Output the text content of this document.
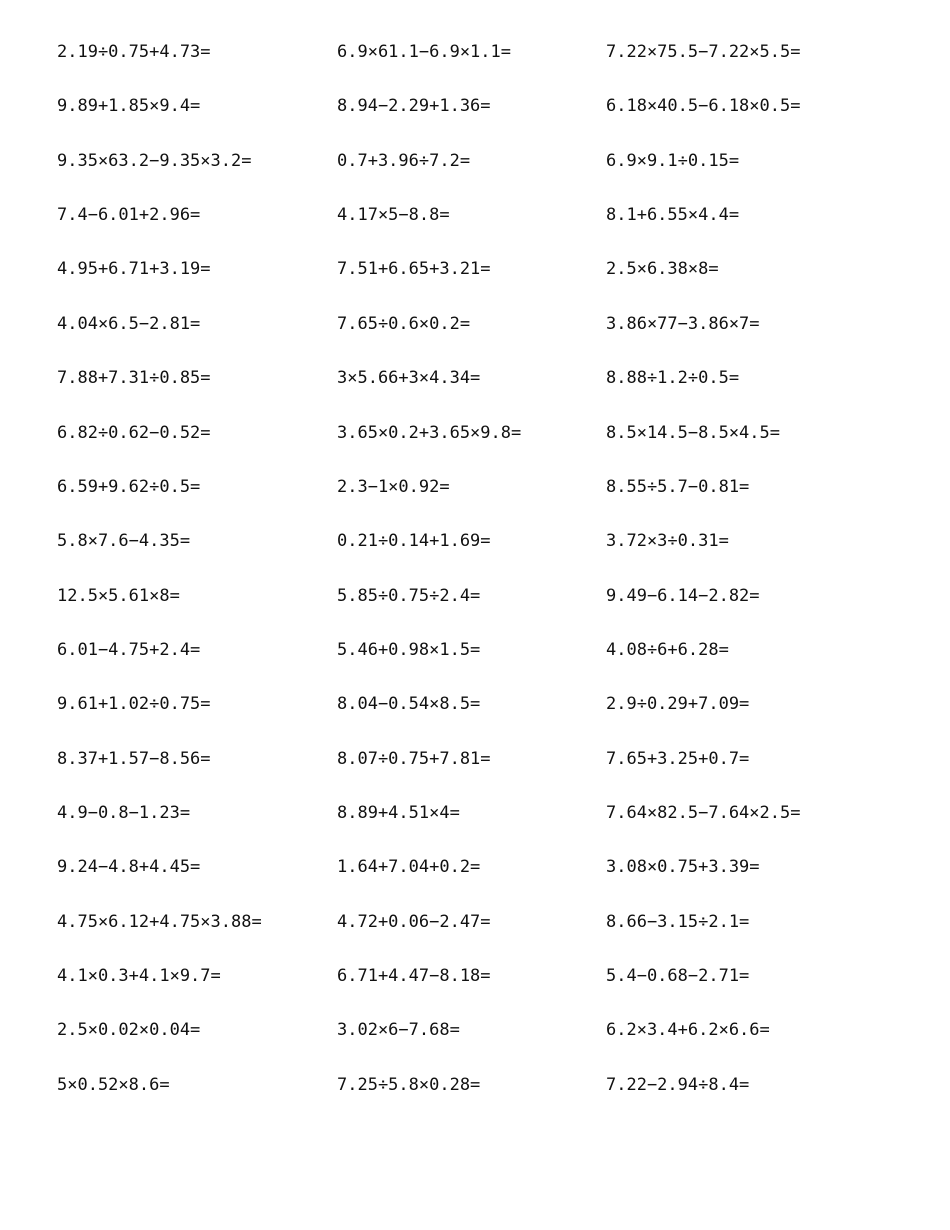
2.19÷0.75+4.73=	6.9×61.1−6.9×1.1=	7.22×75.5−7.22×5.5=
9.89+1.85×9.4=	8.94−2.29+1.36=	6.18×40.5−6.18×0.5=
9.35×63.2−9.35×3.2=	0.7+3.96÷7.2=	6.9×9.1÷0.15=
7.4−6.01+2.96=	4.17×5−8.8=	8.1+6.55×4.4=
4.95+6.71+3.19=	7.51+6.65+3.21=	2.5×6.38×8=
4.04×6.5−2.81=	7.65÷0.6×0.2=	3.86×77−3.86×7=
7.88+7.31÷0.85=	3×5.66+3×4.34=	8.88÷1.2÷0.5=
6.82÷0.62−0.52=	3.65×0.2+3.65×9.8=	8.5×14.5−8.5×4.5=
6.59+9.62÷0.5=	2.3−1×0.92=	8.55÷5.7−0.81=
5.8×7.6−4.35=	0.21÷0.14+1.69=	3.72×3÷0.31=
12.5×5.61×8=	5.85÷0.75÷2.4=	9.49−6.14−2.82=
6.01−4.75+2.4=	5.46+0.98×1.5=	4.08÷6+6.28=
9.61+1.02÷0.75=	8.04−0.54×8.5=	2.9÷0.29+7.09=
8.37+1.57−8.56=	8.07÷0.75+7.81=	7.65+3.25+0.7=
4.9−0.8−1.23=	8.89+4.51×4=	7.64×82.5−7.64×2.5=
9.24−4.8+4.45=	1.64+7.04+0.2=	3.08×0.75+3.39=
4.75×6.12+4.75×3.88=	4.72+0.06−2.47=	8.66−3.15÷2.1=
4.1×0.3+4.1×9.7=	6.71+4.47−8.18=	5.4−0.68−2.71=
2.5×0.02×0.04=	3.02×6−7.68=	6.2×3.4+6.2×6.6=
5×0.52×8.6=	7.25÷5.8×0.28=	7.22−2.94÷8.4=
